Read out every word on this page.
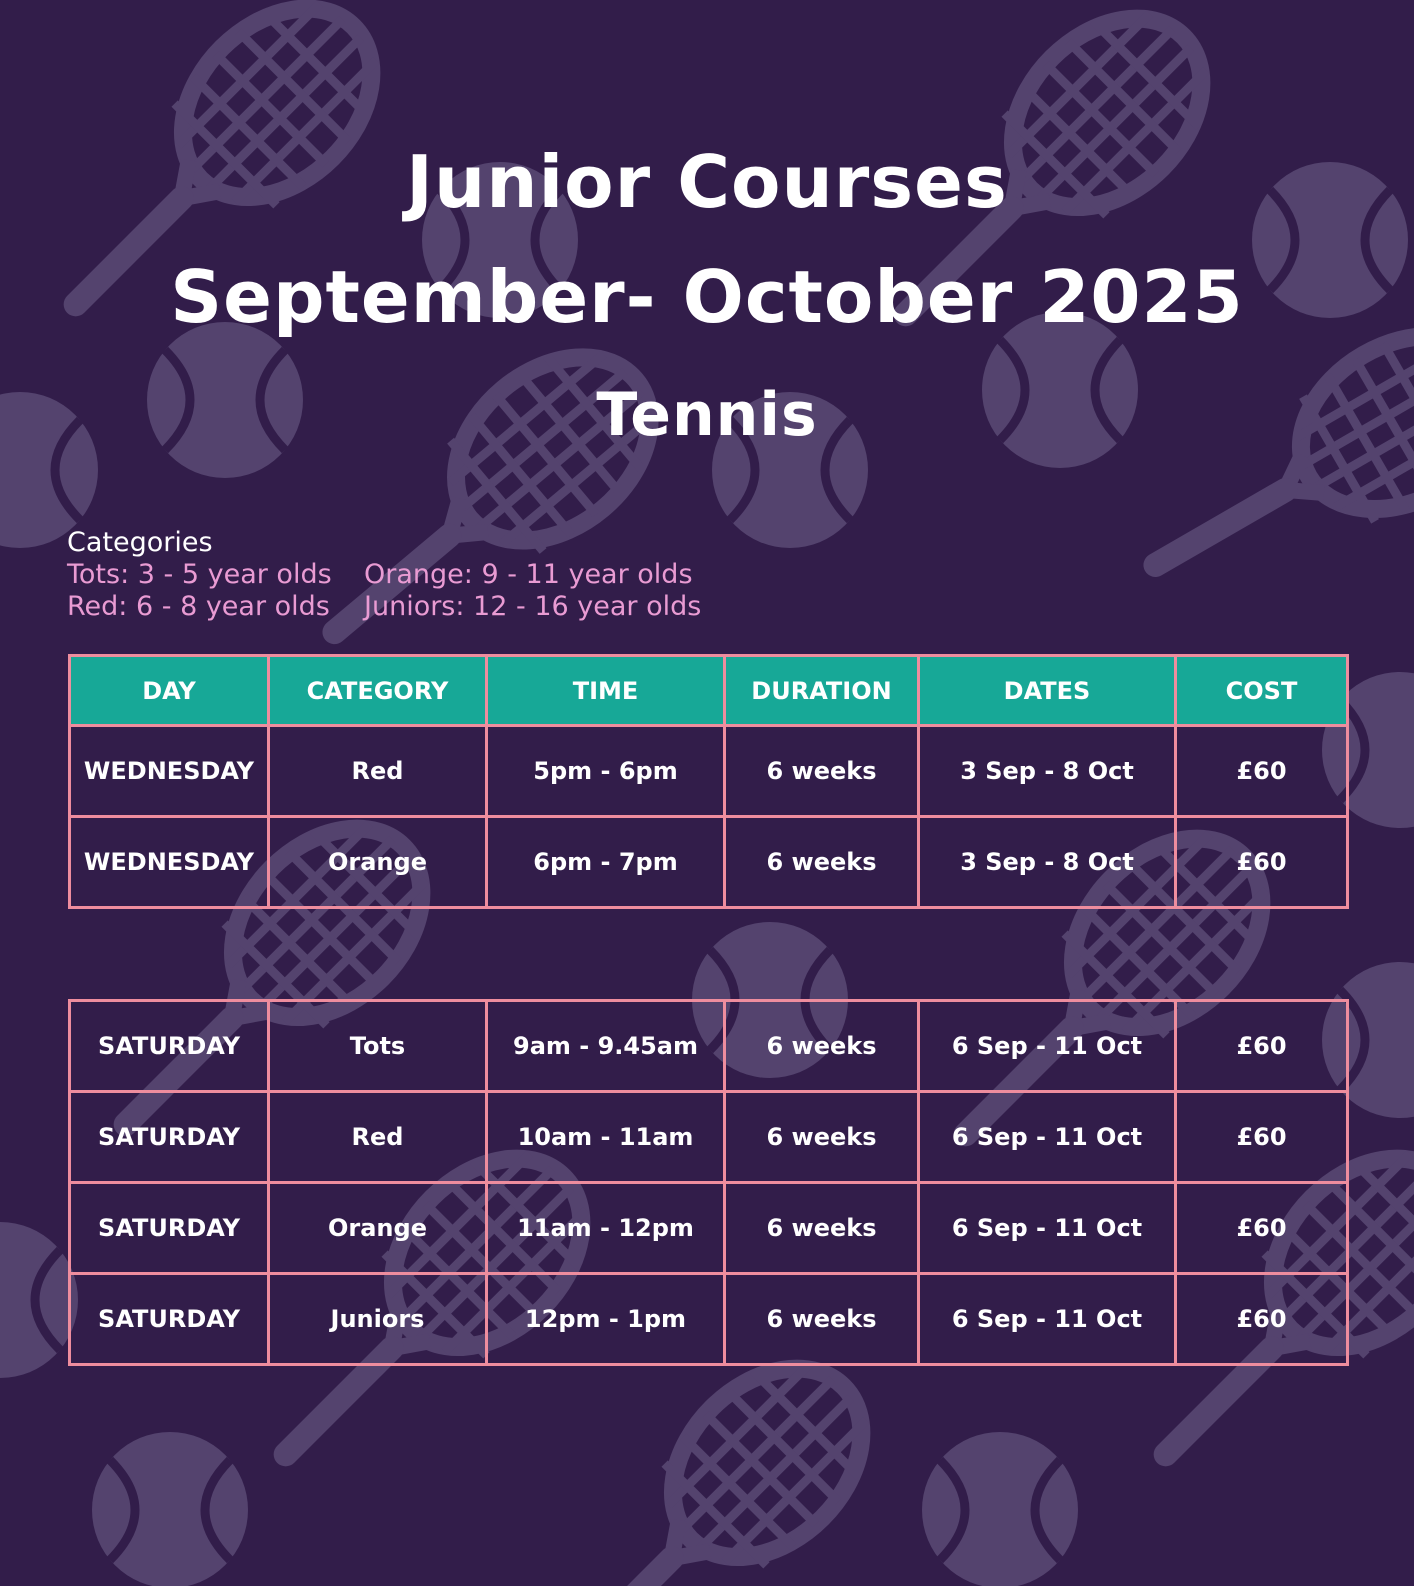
Junior Courses
September- October 2025
Tennis
Categories
Tots: 3 - 5 year olds	Orange: 9 - 11 year olds
Red: 6 - 8 year olds	Juniors: 12 - 16 year olds
DAY	CATEGORY	TIME	DURATION	DATES	COST
WEDNESDAY	Red	5pm - 6pm	6 weeks	3 Sep - 8 Oct	£60
WEDNESDAY	Orange	6pm - 7pm	6 weeks	3 Sep - 8 Oct	£60
SATURDAY	Tots	9am - 9.45am	6 weeks	6 Sep - 11 Oct	£60
SATURDAY	Red	10am - 11am	6 weeks	6 Sep - 11 Oct	£60
SATURDAY	Orange	11am - 12pm	6 weeks	6 Sep - 11 Oct	£60
SATURDAY	Juniors	12pm - 1pm	6 weeks	6 Sep - 11 Oct	£60
